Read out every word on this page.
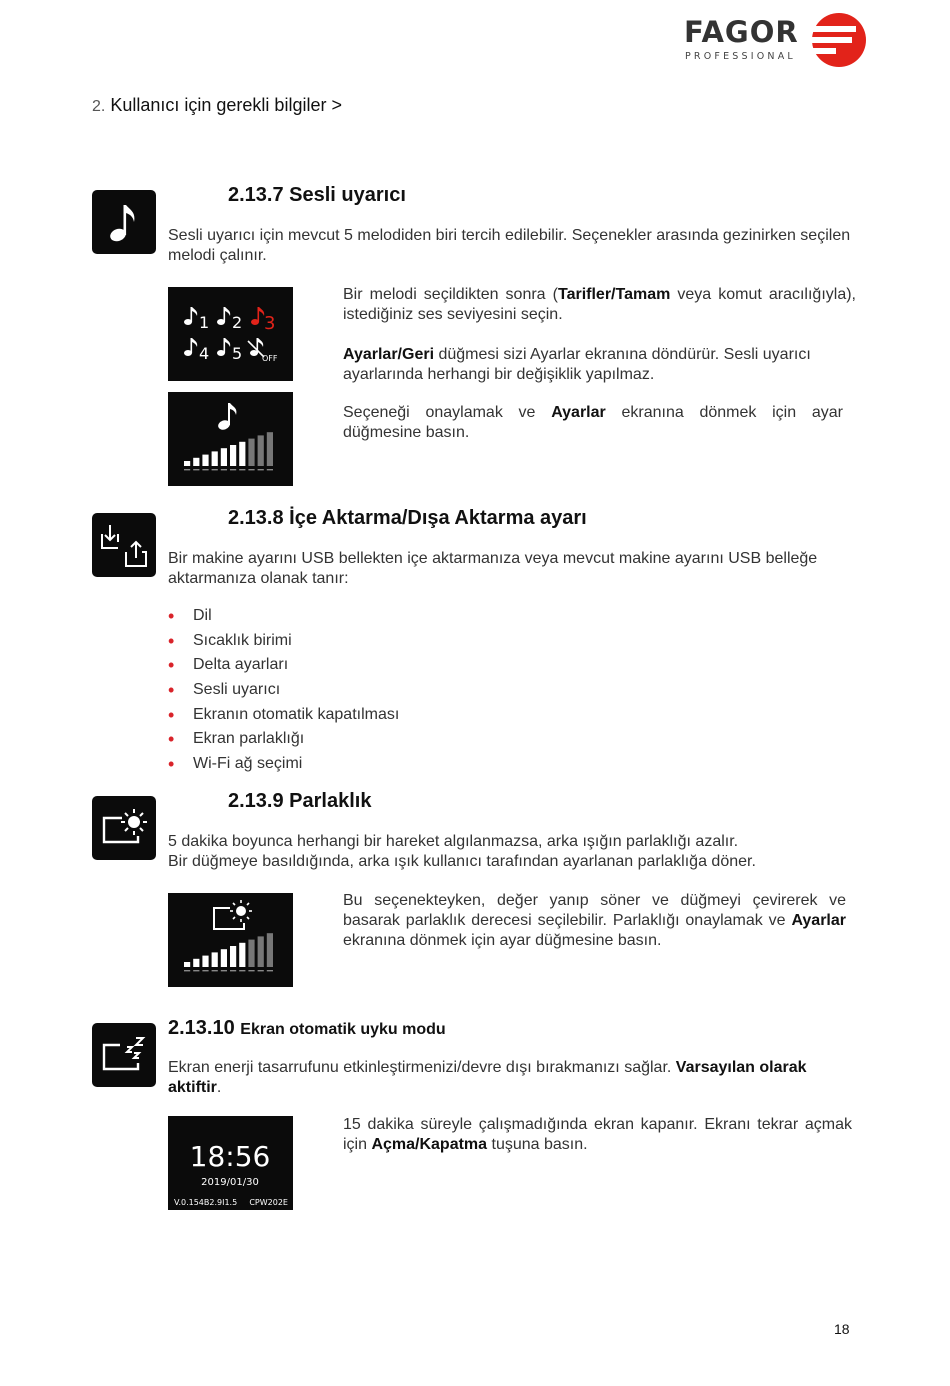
FAGOR
PROFESSIONAL
2. Kullanıcı için gerekli bilgiler >
2.13.7 Sesli uyarıcı
Sesli uyarıcı için mevcut 5 melodiden biri tercih edilebilir. Seçenekler arasında gezinirken seçilen melodi çalınır.
1 2 3
4 5 OFF
Bir melodi seçildikten sonra (Tarifler/Tamam veya komut aracılığıyla), istediğiniz ses seviyesini seçin.
Ayarlar/Geri düğmesi sizi Ayarlar ekranına döndürür. Sesli uyarıcı ayarlarında herhangi bir değişiklik yapılmaz.
Seçeneği onaylamak ve Ayarlar ekranına dönmek için ayar düğmesine basın.
2.13.8 İçe Aktarma/Dışa Aktarma ayarı
Bir makine ayarını USB bellekten içe aktarmanıza veya mevcut makine ayarını USB belleğe aktarmanıza olanak tanır:
• Dil
• Sıcaklık birimi
• Delta ayarları
• Sesli uyarıcı
• Ekranın otomatik kapatılması
• Ekran parlaklığı
• Wi-Fi ağ seçimi
2.13.9 Parlaklık
5 dakika boyunca herhangi bir hareket algılanmazsa, arka ışığın parlaklığı azalır.
Bir düğmeye basıldığında, arka ışık kullanıcı tarafından ayarlanan parlaklığa döner.
Bu seçenekteyken, değer yanıp söner ve düğmeyi çevirerek ve basarak parlaklık derecesi seçilebilir. Parlaklığı onaylamak ve Ayarlar ekranına dönmek için ayar düğmesine basın.
2.13.10 Ekran otomatik uyku modu
Ekran enerji tasarrufunu etkinleştirmenizi/devre dışı bırakmanızı sağlar. Varsayılan olarak aktiftir.
18:56
2019/01/30
V.0.154B2.9I1.5 CPW202E
15 dakika süreyle çalışmadığında ekran kapanır. Ekranı tekrar açmak için Açma/Kapatma tuşuna basın.
18
